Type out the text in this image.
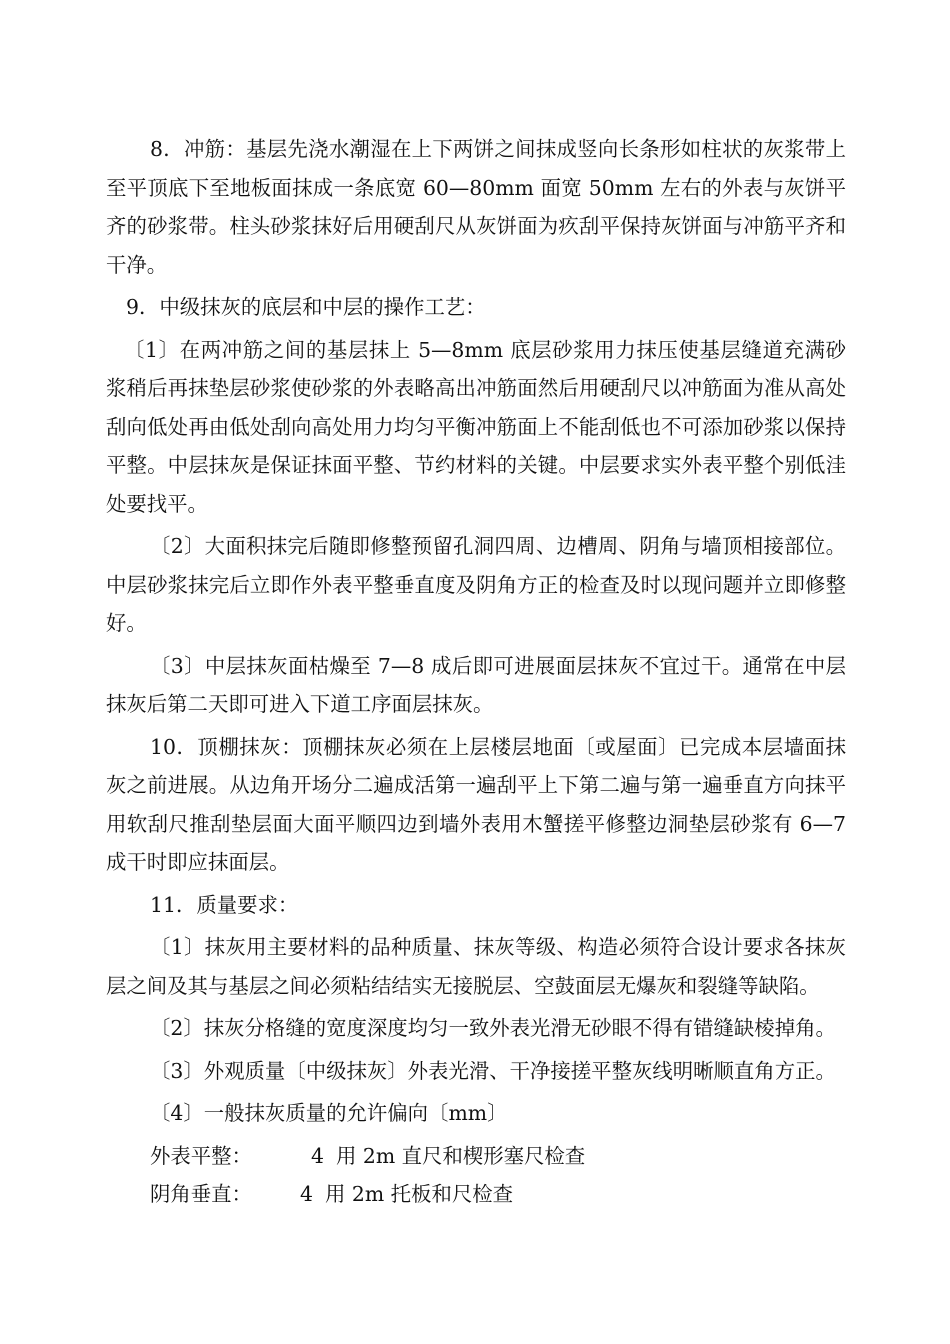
8．冲筋：基层先浇水潮湿在上下两饼之间抹成竖向长条形如柱状的灰浆带上至平顶底下至地板面抹成一条底宽 60—80mm 面宽 50mm 左右的外表与灰饼平齐的砂浆带。柱头砂浆抹好后用硬刮尺从灰饼面为疚刮平保持灰饼面与冲筋平齐和干净。

9．中级抹灰的底层和中层的操作工艺：

〔1〕在两冲筋之间的基层抹上 5—8mm 底层砂浆用力抹压使基层缝道充满砂浆稍后再抹垫层砂浆使砂浆的外表略高出冲筋面然后用硬刮尺以冲筋面为准从高处刮向低处再由低处刮向高处用力均匀平衡冲筋面上不能刮低也不可添加砂浆以保持平整。中层抹灰是保证抹面平整、节约材料的关键。中层要求实外表平整个别低洼处要找平。

〔2〕大面积抹完后随即修整预留孔洞四周、边槽周、阴角与墙顶相接部位。中层砂浆抹完后立即作外表平整垂直度及阴角方正的检查及时以现问题并立即修整好。

〔3〕中层抹灰面枯燥至 7—8 成后即可进展面层抹灰不宜过干。通常在中层抹灰后第二天即可进入下道工序面层抹灰。

10．顶棚抹灰：顶棚抹灰必须在上层楼层地面〔或屋面〕已完成本层墙面抹灰之前进展。从边角开场分二遍成活第一遍刮平上下第二遍与第一遍垂直方向抹平用软刮尺推刮垫层面大面平顺四边到墙外表用木蟹搓平修整边洞垫层砂浆有 6—7 成干时即应抹面层。

11．质量要求：

〔1〕抹灰用主要材料的品种质量、抹灰等级、构造必须符合设计要求各抹灰层之间及其与基层之间必须粘结结实无接脱层、空鼓面层无爆灰和裂缝等缺陷。

〔2〕抹灰分格缝的宽度深度均匀一致外表光滑无砂眼不得有错缝缺棱掉角。

〔3〕外观质量〔中级抹灰〕外表光滑、干净接搓平整灰线明晰顺直角方正。

〔4〕一般抹灰质量的允许偏向〔mm〕

外表平整：	4 用 2m 直尺和楔形塞尺检查
阴角垂直： 4 用 2m 托板和尺检查
